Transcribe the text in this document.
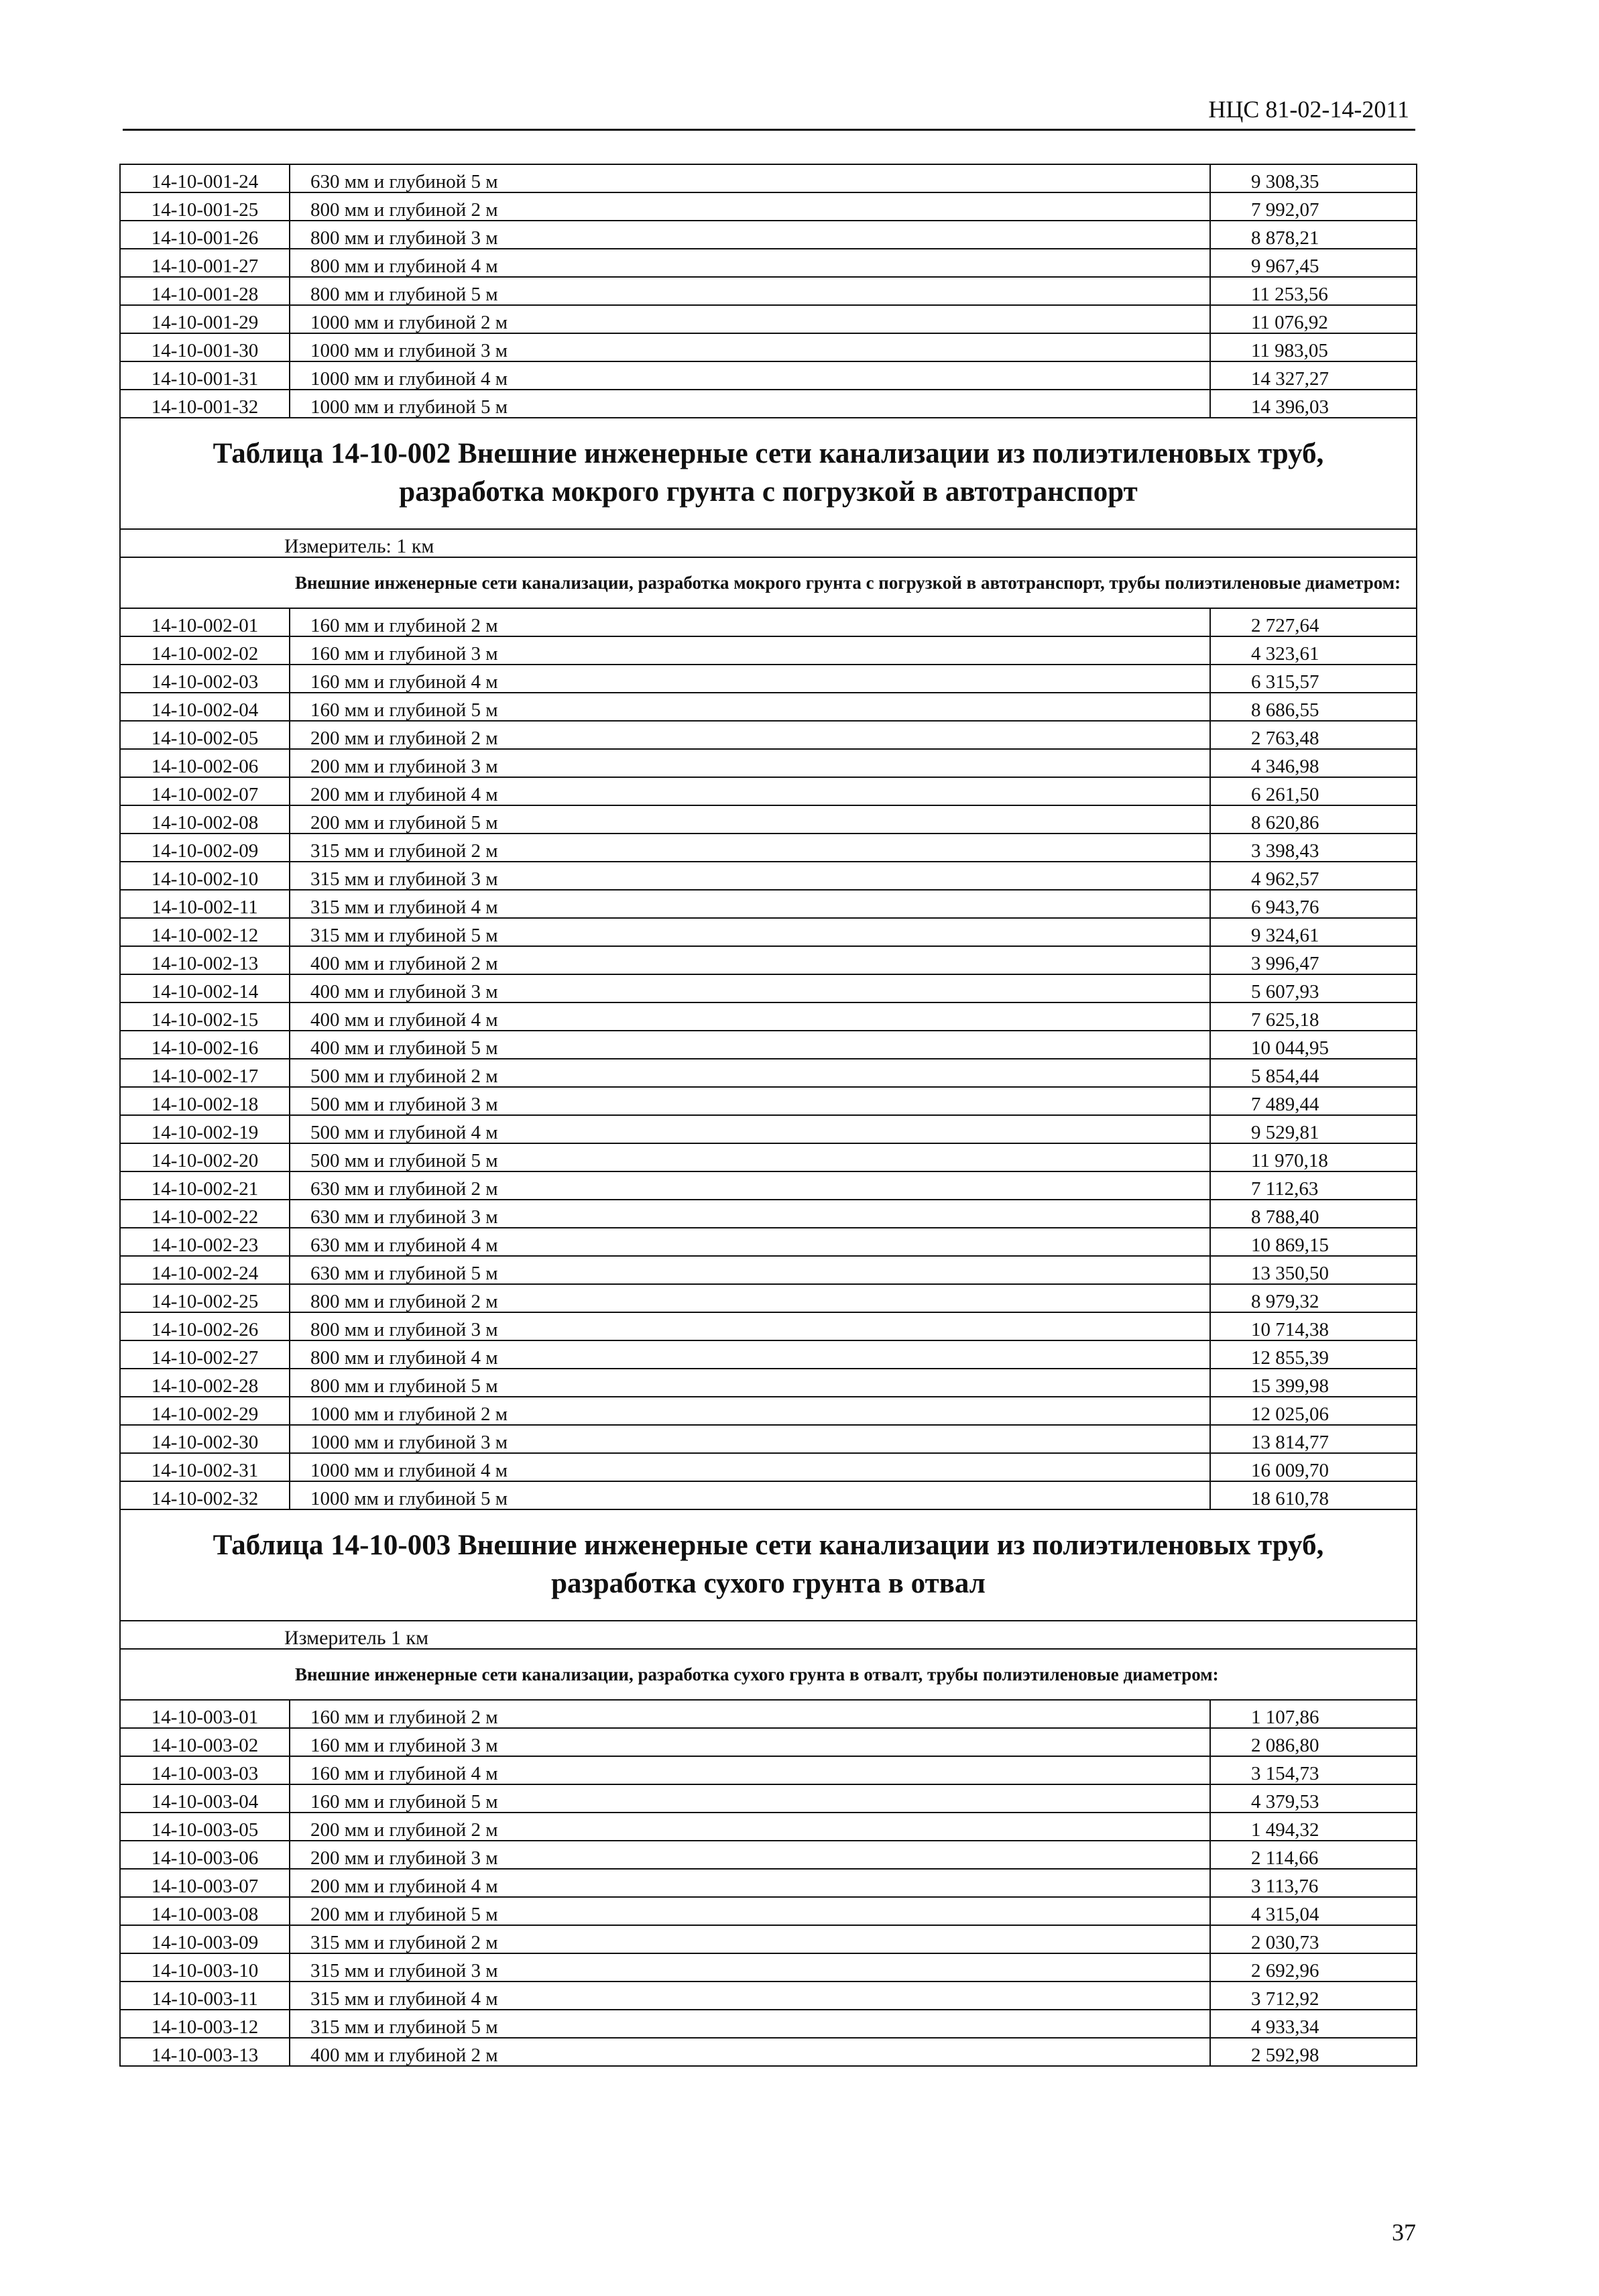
НЦС 81-02-14-2011
14-10-001-24	630 мм и глубиной 5 м	9 308,35
14-10-001-25	800 мм и глубиной 2 м	7 992,07
14-10-001-26	800 мм и глубиной 3 м	8 878,21
14-10-001-27	800 мм и глубиной 4 м	9 967,45
14-10-001-28	800 мм и глубиной 5 м	11 253,56
14-10-001-29	1000 мм и глубиной 2 м	11 076,92
14-10-001-30	1000 мм и глубиной 3 м	11 983,05
14-10-001-31	1000 мм и глубиной 4 м	14 327,27
14-10-001-32	1000 мм и глубиной 5 м	14 396,03

Таблица 14-10-002 Внешние инженерные сети канализации из полиэтиленовых труб,
разработка мокрого грунта с погрузкой в автотранспорт		

Измеритель: 1 км		
Внешние инженерные сети канализации, разработка мокрого грунта с погрузкой в автотранспорт, трубы полиэтиленовые диаметром:		
14-10-002-01	160 мм и глубиной 2 м	2 727,64
14-10-002-02	160 мм и глубиной 3 м	4 323,61
14-10-002-03	160 мм и глубиной 4 м	6 315,57
14-10-002-04	160 мм и глубиной 5 м	8 686,55
14-10-002-05	200 мм и глубиной 2 м	2 763,48
14-10-002-06	200 мм и глубиной 3 м	4 346,98
14-10-002-07	200 мм и глубиной 4 м	6 261,50
14-10-002-08	200 мм и глубиной 5 м	8 620,86
14-10-002-09	315 мм и глубиной 2 м	3 398,43
14-10-002-10	315 мм и глубиной 3 м	4 962,57
14-10-002-11	315 мм и глубиной 4 м	6 943,76
14-10-002-12	315 мм и глубиной 5 м	9 324,61
14-10-002-13	400 мм и глубиной 2 м	3 996,47
14-10-002-14	400 мм и глубиной 3 м	5 607,93
14-10-002-15	400 мм и глубиной 4 м	7 625,18
14-10-002-16	400 мм и глубиной 5 м	10 044,95
14-10-002-17	500 мм и глубиной 2 м	5 854,44
14-10-002-18	500 мм и глубиной 3 м	7 489,44
14-10-002-19	500 мм и глубиной 4 м	9 529,81
14-10-002-20	500 мм и глубиной 5 м	11 970,18
14-10-002-21	630 мм и глубиной 2 м	7 112,63
14-10-002-22	630 мм и глубиной 3 м	8 788,40
14-10-002-23	630 мм и глубиной 4 м	10 869,15
14-10-002-24	630 мм и глубиной 5 м	13 350,50
14-10-002-25	800 мм и глубиной 2 м	8 979,32
14-10-002-26	800 мм и глубиной 3 м	10 714,38
14-10-002-27	800 мм и глубиной 4 м	12 855,39
14-10-002-28	800 мм и глубиной 5 м	15 399,98
14-10-002-29	1000 мм и глубиной 2 м	12 025,06
14-10-002-30	1000 мм и глубиной 3 м	13 814,77
14-10-002-31	1000 мм и глубиной 4 м	16 009,70
14-10-002-32	1000 мм и глубиной 5 м	18 610,78

Таблица 14-10-003 Внешние инженерные сети канализации из полиэтиленовых труб,
разработка сухого грунта в отвал		

Измеритель 1 км		
Внешние инженерные сети канализации, разработка сухого грунта в отвалт, трубы полиэтиленовые диаметром:		
14-10-003-01	160 мм и глубиной 2 м	1 107,86
14-10-003-02	160 мм и глубиной 3 м	2 086,80
14-10-003-03	160 мм и глубиной 4 м	3 154,73
14-10-003-04	160 мм и глубиной 5 м	4 379,53
14-10-003-05	200 мм и глубиной 2 м	1 494,32
14-10-003-06	200 мм и глубиной 3 м	2 114,66
14-10-003-07	200 мм и глубиной 4 м	3 113,76
14-10-003-08	200 мм и глубиной 5 м	4 315,04
14-10-003-09	315 мм и глубиной 2 м	2 030,73
14-10-003-10	315 мм и глубиной 3 м	2 692,96
14-10-003-11	315 мм и глубиной 4 м	3 712,92
14-10-003-12	315 мм и глубиной 5 м	4 933,34
14-10-003-13	400 мм и глубиной 2 м	2 592,98
37
